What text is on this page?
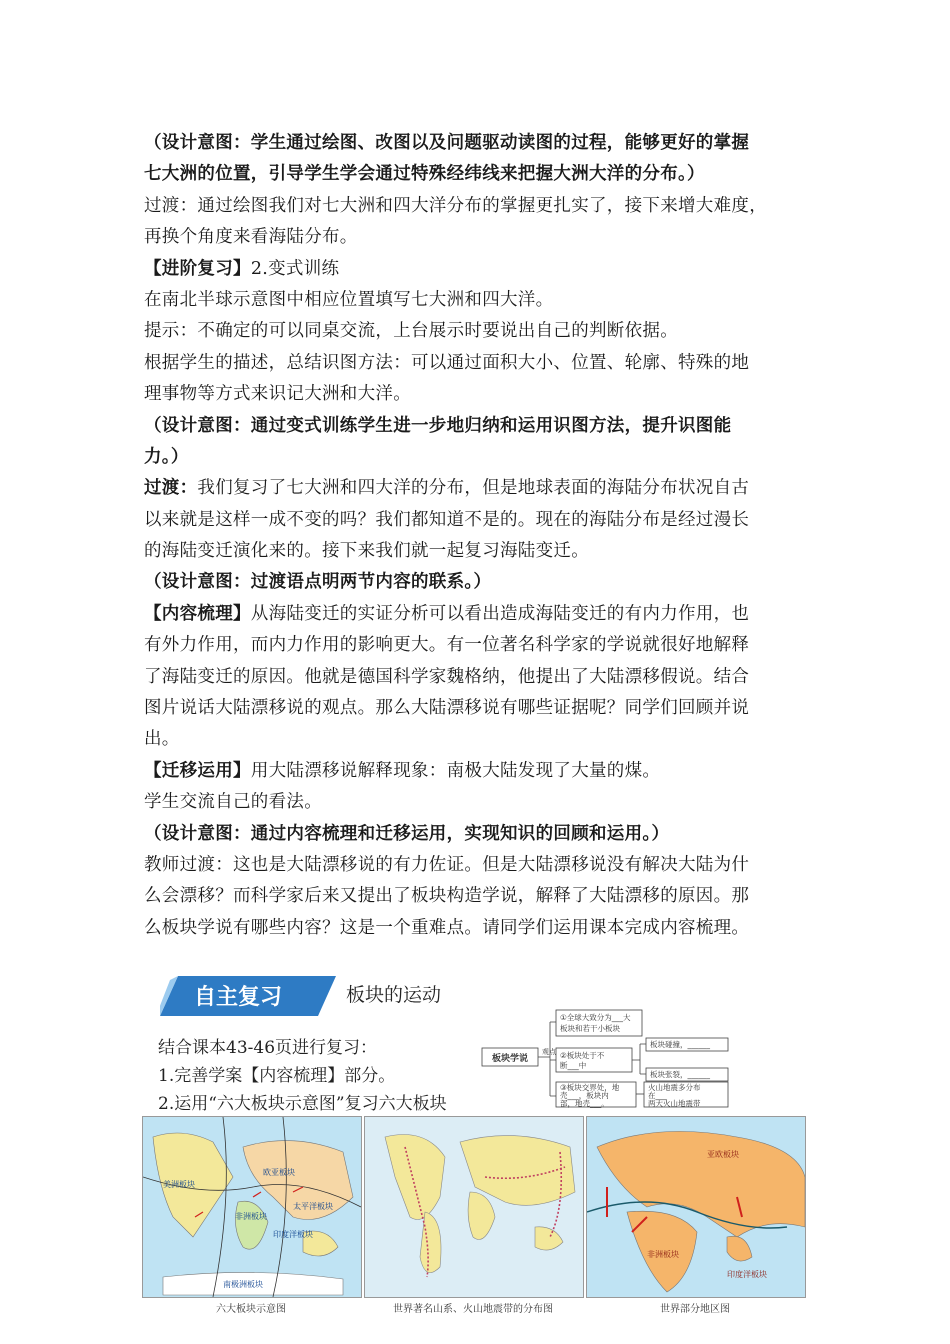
（设计意图：学生通过绘图、改图以及问题驱动读图的过程，能够更好的掌握
七大洲的位置，引导学生学会通过特殊经纬线来把握大洲大洋的分布。）
过渡：通过绘图我们对七大洲和四大洋分布的掌握更扎实了，接下来增大难度，
再换个角度来看海陆分布。
【进阶复习】2.变式训练
在南北半球示意图中相应位置填写七大洲和四大洋。
提示：不确定的可以同桌交流，上台展示时要说出自己的判断依据。
根据学生的描述，总结识图方法：可以通过面积大小、位置、轮廓、特殊的地
理事物等方式来识记大洲和大洋。
（设计意图：通过变式训练学生进一步地归纳和运用识图方法，提升识图能
力。）
过渡：我们复习了七大洲和四大洋的分布，但是地球表面的海陆分布状况自古
以来就是这样一成不变的吗？我们都知道不是的。现在的海陆分布是经过漫长
的海陆变迁演化来的。接下来我们就一起复习海陆变迁。
（设计意图：过渡语点明两节内容的联系。）
【内容梳理】从海陆变迁的实证分析可以看出造成海陆变迁的有内力作用，也
有外力作用，而内力作用的影响更大。有一位著名科学家的学说就很好地解释
了海陆变迁的原因。他就是德国科学家魏格纳，他提出了大陆漂移假说。结合
图片说话大陆漂移说的观点。那么大陆漂移说有哪些证据呢？同学们回顾并说
出。
【迁移运用】用大陆漂移说解释现象：南极大陆发现了大量的煤。
学生交流自己的看法。
（设计意图：通过内容梳理和迁移运用，实现知识的回顾和运用。）
教师过渡：这也是大陆漂移说的有力佐证。但是大陆漂移说没有解决大陆为什
么会漂移？而科学家后来又提出了板块构造学说，解释了大陆漂移的原因。那
么板块学说有哪些内容？这是一个重难点。请同学们运用课本完成内容梳理。
自主复习	板块的运动
结合课本43-46页进行复习：
1.完善学案【内容梳理】部分。
2.运用“六大板块示意图”复习六大板块
板块学说
观点
①全球大致分为___大
板块和若干小板块
②板块处于不
断___中
板块碰撞，______
板块张裂，______
③板块交界处，地
壳___，板块内
部，地壳___。
火山地震多分布
在___
两大火山地震带
欧亚板块
太平洋板块
印度洋板块
非洲板块
美洲板块
南极洲板块
六大板块示意图	世界著名山系、火山地震带的分布图
亚欧板块
非洲板块
印度洋板块
世界部分地区图
